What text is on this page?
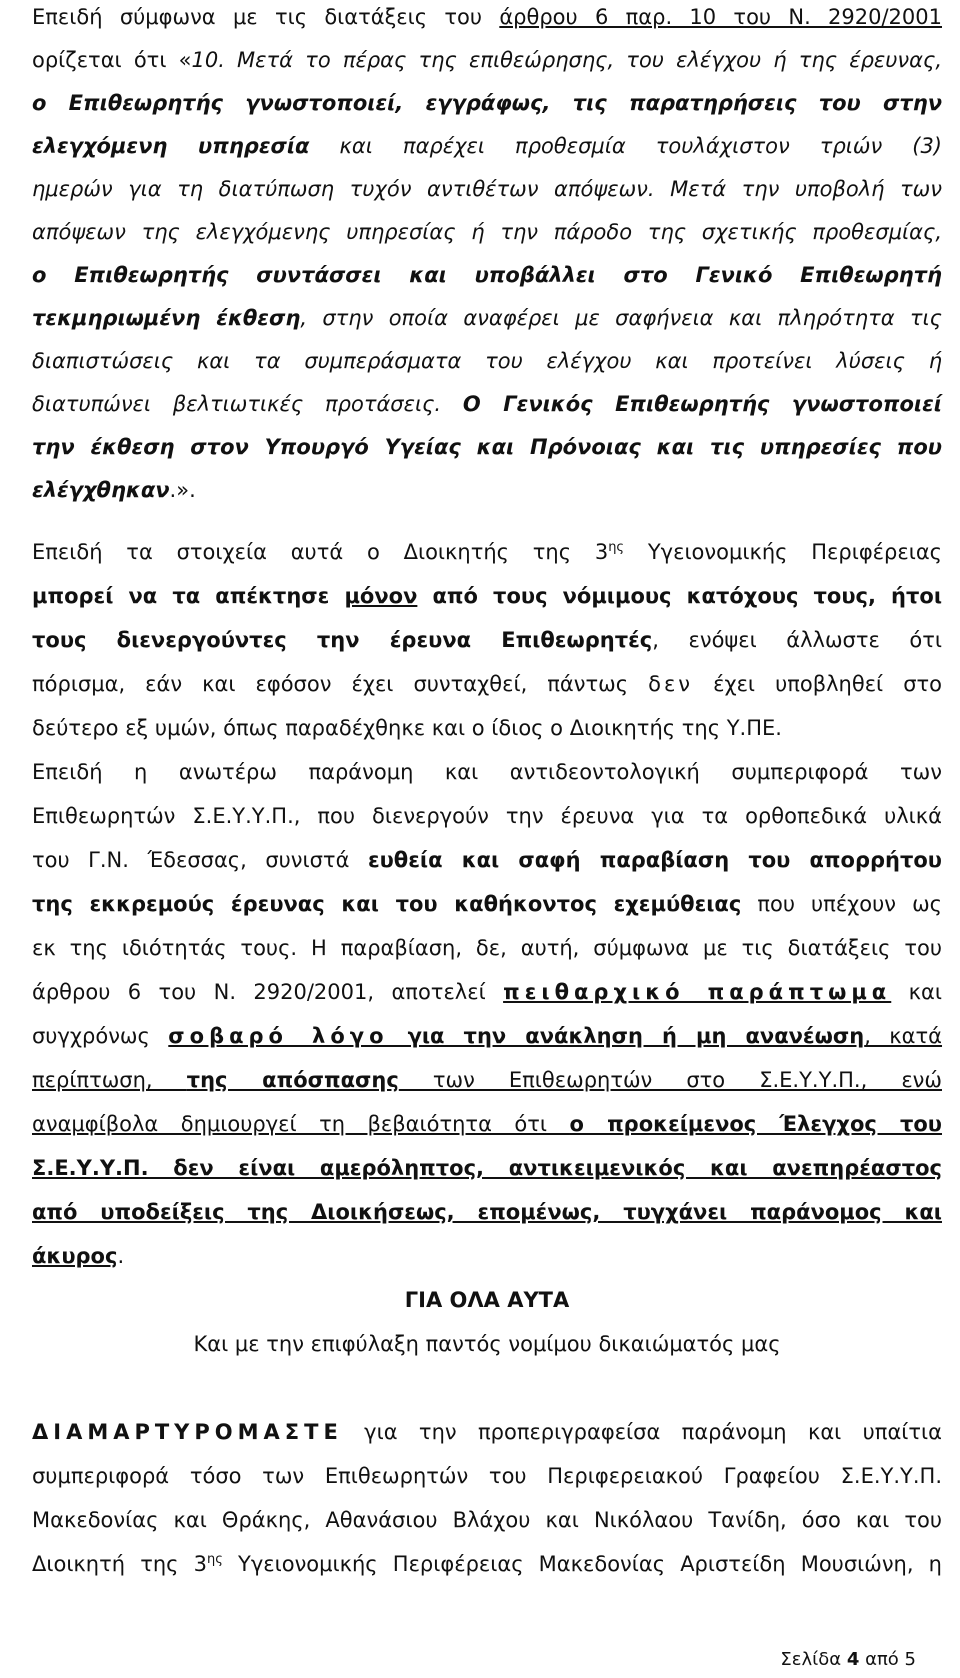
Επειδή σύμφωνα με τις διατάξεις του άρθρου 6 παρ. 10 του Ν. 2920/2001
ορίζεται ότι «10. Μετά το πέρας της επιθεώρησης, του ελέγχου ή της έρευνας,
ο Επιθεωρητής γνωστοποιεί, εγγράφως, τις παρατηρήσεις του στην
ελεγχόμενη υπηρεσία και παρέχει προθεσμία τουλάχιστον τριών (3)
ημερών για τη διατύπωση τυχόν αντιθέτων απόψεων. Μετά την υποβολή των
απόψεων της ελεγχόμενης υπηρεσίας ή την πάροδο της σχετικής προθεσμίας,
ο Επιθεωρητής συντάσσει και υποβάλλει στο Γενικό Επιθεωρητή
τεκμηριωμένη έκθεση, στην οποία αναφέρει με σαφήνεια και πληρότητα τις
διαπιστώσεις και τα συμπεράσματα του ελέγχου και προτείνει λύσεις ή
διατυπώνει βελτιωτικές προτάσεις. Ο Γενικός Επιθεωρητής γνωστοποιεί
την έκθεση στον Υπουργό Υγείας και Πρόνοιας και τις υπηρεσίες που
ελέγχθηκαν.».
Επειδή τα στοιχεία αυτά ο Διοικητής της $3^{\eta\varsigma}$ Υγειονομικής Περιφέρειας
μπορεί να τα απέκτησε μόνον από τους νόμιμους κατόχους τους, ήτοι
τους διενεργούντες την έρευνα Επιθεωρητές, ενόψει άλλωστε ότι
πόρισμα, εάν και εφόσον έχει συνταχθεί, πάντως δεν έχει υποβληθεί στο
δεύτερο εξ υμών, όπως παραδέχθηκε και ο ίδιος ο Διοικητής της Υ.ΠΕ.
Επειδή η ανωτέρω παράνομη και αντιδεοντολογική συμπεριφορά των
Επιθεωρητών Σ.Ε.Υ.Υ.Π., που διενεργούν την έρευνα για τα ορθοπεδικά υλικά
του Γ.Ν. Έδεσσας, συνιστά ευθεία και σαφή παραβίαση του απορρήτου
της εκκρεμούς έρευνας και του καθήκοντος εχεμύθειας που υπέχουν ως
εκ της ιδιότητάς τους. Η παραβίαση, δε, αυτή, σύμφωνα με τις διατάξεις του
άρθρου 6 του Ν. 2920/2001, αποτελεί πειθαρχικό παράπτωμα και
συγχρόνως σοβαρό λόγο για την ανάκληση ή μη ανανέωση, κατά
περίπτωση, της απόσπασης των Επιθεωρητών στο Σ.Ε.Υ.Υ.Π., ενώ
αναμφίβολα δημιουργεί τη βεβαιότητα ότι ο προκείμενος Έλεγχος του
Σ.Ε.Υ.Υ.Π. δεν είναι αμερόληπτος, αντικειμενικός και ανεπηρέαστος
από υποδείξεις της Διοικήσεως, επομένως, τυγχάνει παράνομος και
άκυρος.
ΓΙΑ ΟΛΑ ΑΥΤΑ
Και με την επιφύλαξη παντός νομίμου δικαιώματός μας
ΔΙΑΜΑΡΤΥΡΟΜΑΣΤΕ για την προπεριγραφείσα παράνομη και υπαίτια
συμπεριφορά τόσο των Επιθεωρητών του Περιφερειακού Γραφείου Σ.Ε.Υ.Υ.Π.
Μακεδονίας και Θράκης, Αθανάσιου Βλάχου και Νικόλαου Τανίδη, όσο και του
Διοικητή της $3^{\eta\varsigma}$ Υγειονομικής Περιφέρειας Μακεδονίας Αριστείδη Μουσιώνη, η
Σελίδα 4 από 5
